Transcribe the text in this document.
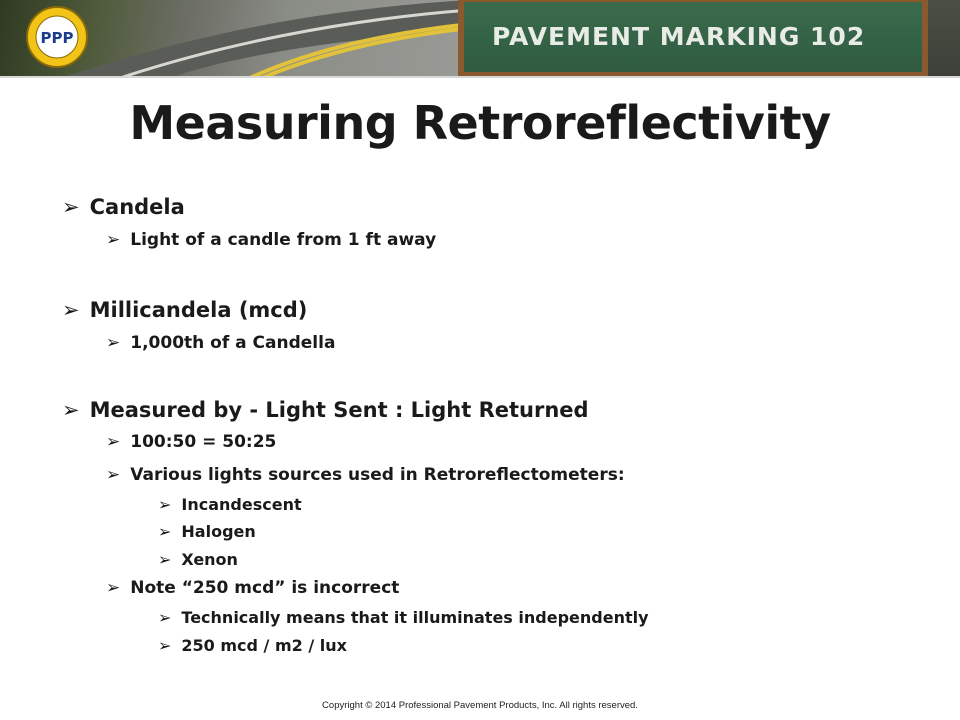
PPP	PAVEMENT MARKING 102
Measuring Retroreflectivity
➢ Candela
➢ Light of a candle from 1 ft away
➢ Millicandela (mcd)
➢ 1,000th of a Candella
➢ Measured by - Light Sent : Light Returned
➢ 100:50 = 50:25
➢ Various lights sources used in Retroreflectometers:
➢ Incandescent
➢ Halogen
➢ Xenon
➢ Note “250 mcd” is incorrect
➢ Technically means that it illuminates independently
➢ 250 mcd / m2 / lux
Copyright © 2014 Professional Pavement Products, Inc. All rights reserved.
